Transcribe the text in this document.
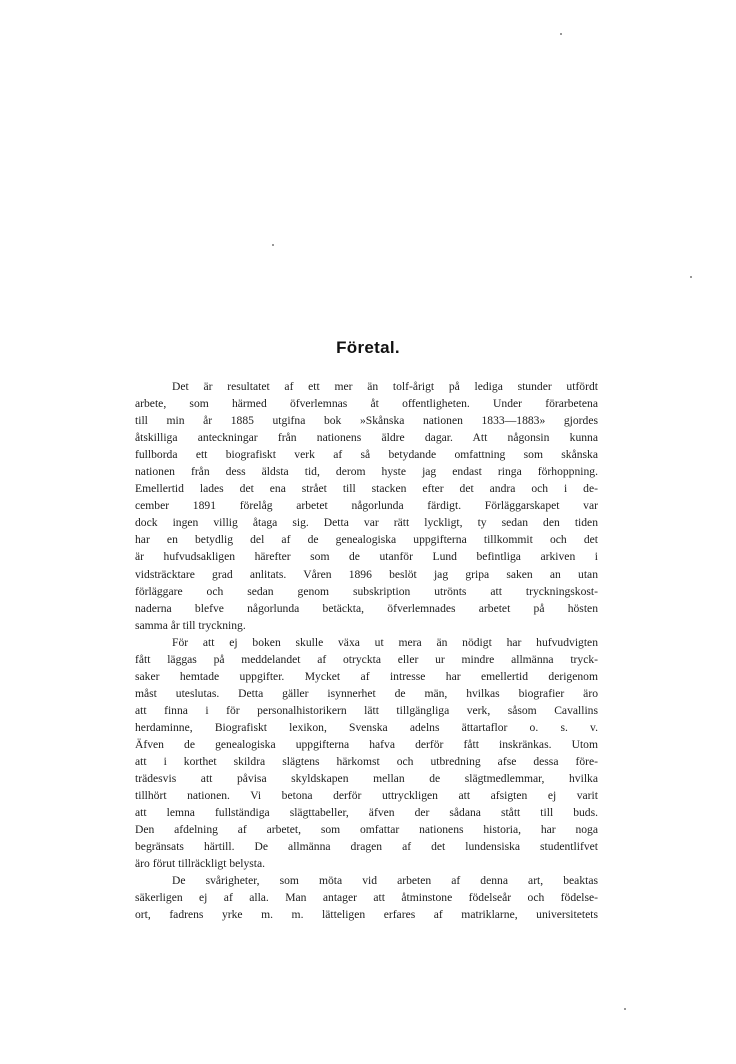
Företal.
Det är resultatet af ett mer än tolf-årigt på lediga stunder utfördt
arbete, som härmed öfverlemnas åt offentligheten. Under förarbetena
till min år 1885 utgifna bok »Skånska nationen 1833—1883» gjordes
åtskilliga anteckningar från nationens äldre dagar. Att någonsin kunna
fullborda ett biografiskt verk af så betydande omfattning som skånska
nationen från dess äldsta tid, derom hyste jag endast ringa förhoppning.
Emellertid lades det ena strået till stacken efter det andra och i de-
cember 1891 förelåg arbetet någorlunda färdigt. Förläggarskapet var
dock ingen villig åtaga sig. Detta var rätt lyckligt, ty sedan den tiden
har en betydlig del af de genealogiska uppgifterna tillkommit och det
är hufvudsakligen härefter som de utanför Lund befintliga arkiven i
vidsträcktare grad anlitats. Våren 1896 beslöt jag gripa saken an utan
förläggare och sedan genom subskription utrönts att tryckningskost-
naderna blefve någorlunda betäckta, öfverlemnades arbetet på hösten
samma år till tryckning.
För att ej boken skulle växa ut mera än nödigt har hufvudvigten
fått läggas på meddelandet af otryckta eller ur mindre allmänna tryck-
saker hemtade uppgifter. Mycket af intresse har emellertid derigenom
måst uteslutas. Detta gäller isynnerhet de män, hvilkas biografier äro
att finna i för personalhistorikern lätt tillgängliga verk, såsom Cavallins
herdaminne, Biografiskt lexikon, Svenska adelns ättartaflor o. s. v.
Äfven de genealogiska uppgifterna hafva derför fått inskränkas. Utom
att i korthet skildra slägtens härkomst och utbredning afse dessa före-
trädesvis att påvisa skyldskapen mellan de slägtmedlemmar, hvilka
tillhört nationen. Vi betona derför uttryckligen att afsigten ej varit
att lemna fullständiga slägttabeller, äfven der sådana stått till buds.
Den afdelning af arbetet, som omfattar nationens historia, har noga
begränsats härtill. De allmänna dragen af det lundensiska studentlifvet
äro förut tillräckligt belysta.
De svårigheter, som möta vid arbeten af denna art, beaktas
säkerligen ej af alla. Man antager att åtminstone födelseår och födelse-
ort, fadrens yrke m. m. lätteligen erfares af matriklarne, universitetets
